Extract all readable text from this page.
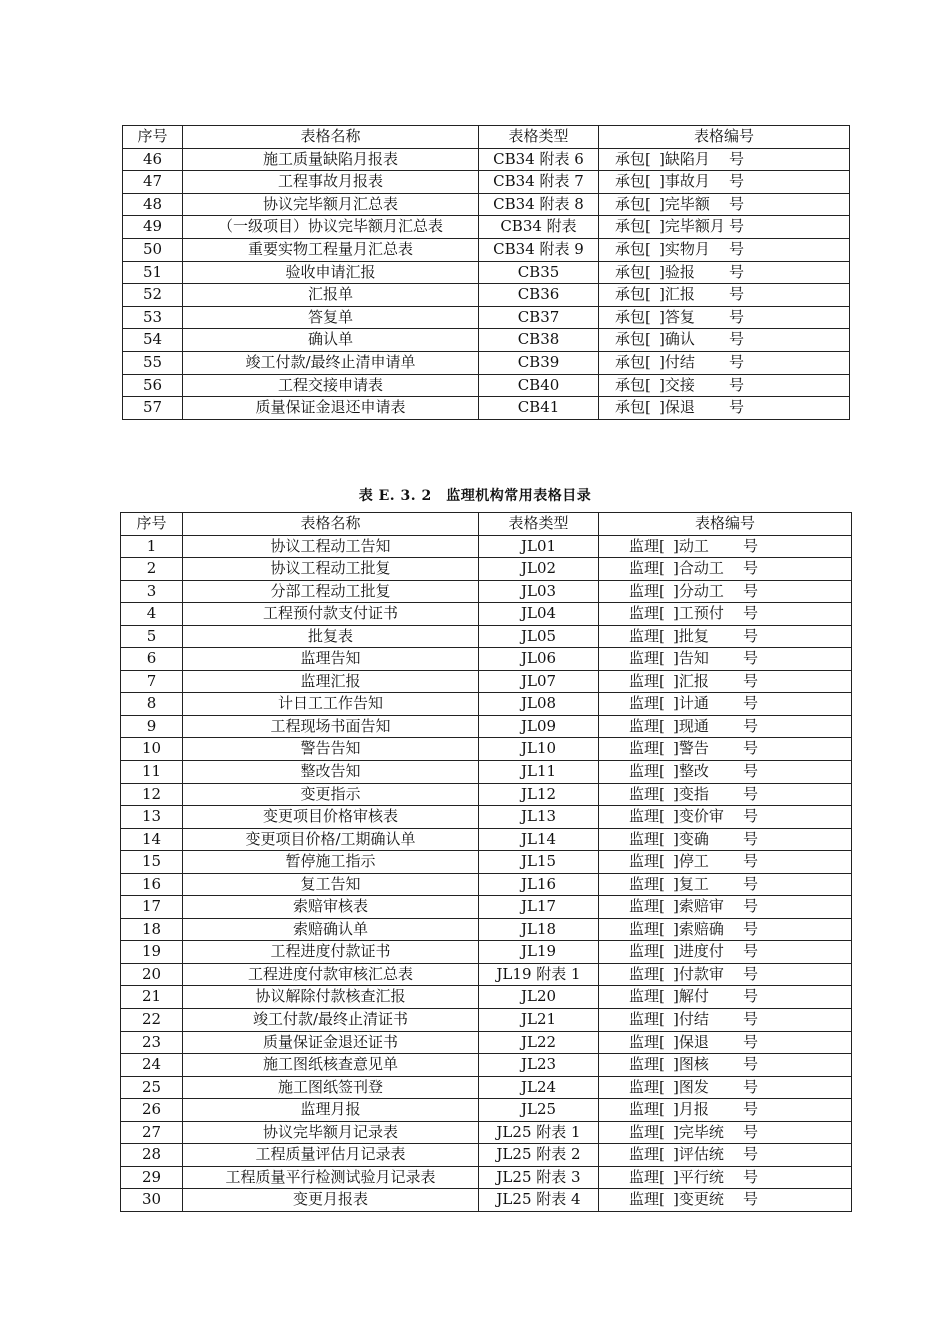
序号	表格名称	表格类型	表格编号
46	施工质量缺陷月报表	CB34 附表 6	承包[ ]缺陷月 号

47	工程事故月报表	CB34 附表 7	承包[ ]事故月 号

48	协议完毕额月汇总表	CB34 附表 8	承包[ ]完毕额 号

49	（一级项目）协议完毕额月汇总表	CB34 附表	承包[ ]完毕额月 号

50	重要实物工程量月汇总表	CB34 附表 9	承包[ ]实物月 号

51	验收申请汇报	CB35	承包[ ]验报 号

52	汇报单	CB36	承包[ ]汇报 号

53	答复单	CB37	承包[ ]答复 号

54	确认单	CB38	承包[ ]确认 号

55	竣工付款/最终止清申请单	CB39	承包[ ]付结 号

56	工程交接申请表	CB40	承包[ ]交接 号

57	质量保证金退还申请表	CB41	承包[ ]保退 号
表 E. 3. 2　监理机构常用表格目录
序号	表格名称	表格类型	表格编号
1	协议工程动工告知	JL01	监理[ ]动工 号

2	协议工程动工批复	JL02	监理[ ]合动工 号

3	分部工程动工批复	JL03	监理[ ]分动工 号

4	工程预付款支付证书	JL04	监理[ ]工预付 号

5	批复表	JL05	监理[ ]批复 号

6	监理告知	JL06	监理[ ]告知 号

7	监理汇报	JL07	监理[ ]汇报 号

8	计日工工作告知	JL08	监理[ ]计通 号

9	工程现场书面告知	JL09	监理[ ]现通 号

10	警告告知	JL10	监理[ ]警告 号

11	整改告知	JL11	监理[ ]整改 号

12	变更指示	JL12	监理[ ]变指 号

13	变更项目价格审核表	JL13	监理[ ]变价审 号

14	变更项目价格/工期确认单	JL14	监理[ ]变确 号

15	暂停施工指示	JL15	监理[ ]停工 号

16	复工告知	JL16	监理[ ]复工 号

17	索赔审核表	JL17	监理[ ]索赔审 号

18	索赔确认单	JL18	监理[ ]索赔确 号

19	工程进度付款证书	JL19	监理[ ]进度付 号

20	工程进度付款审核汇总表	JL19 附表 1	监理[ ]付款审 号

21	协议解除付款核查汇报	JL20	监理[ ]解付 号

22	竣工付款/最终止清证书	JL21	监理[ ]付结 号

23	质量保证金退还证书	JL22	监理[ ]保退 号

24	施工图纸核查意见单	JL23	监理[ ]图核 号

25	施工图纸签刊登	JL24	监理[ ]图发 号

26	监理月报	JL25	监理[ ]月报 号

27	协议完毕额月记录表	JL25 附表 1	监理[ ]完毕统 号

28	工程质量评估月记录表	JL25 附表 2	监理[ ]评估统 号

29	工程质量平行检测试验月记录表	JL25 附表 3	监理[ ]平行统 号

30	变更月报表	JL25 附表 4	监理[ ]变更统 号
